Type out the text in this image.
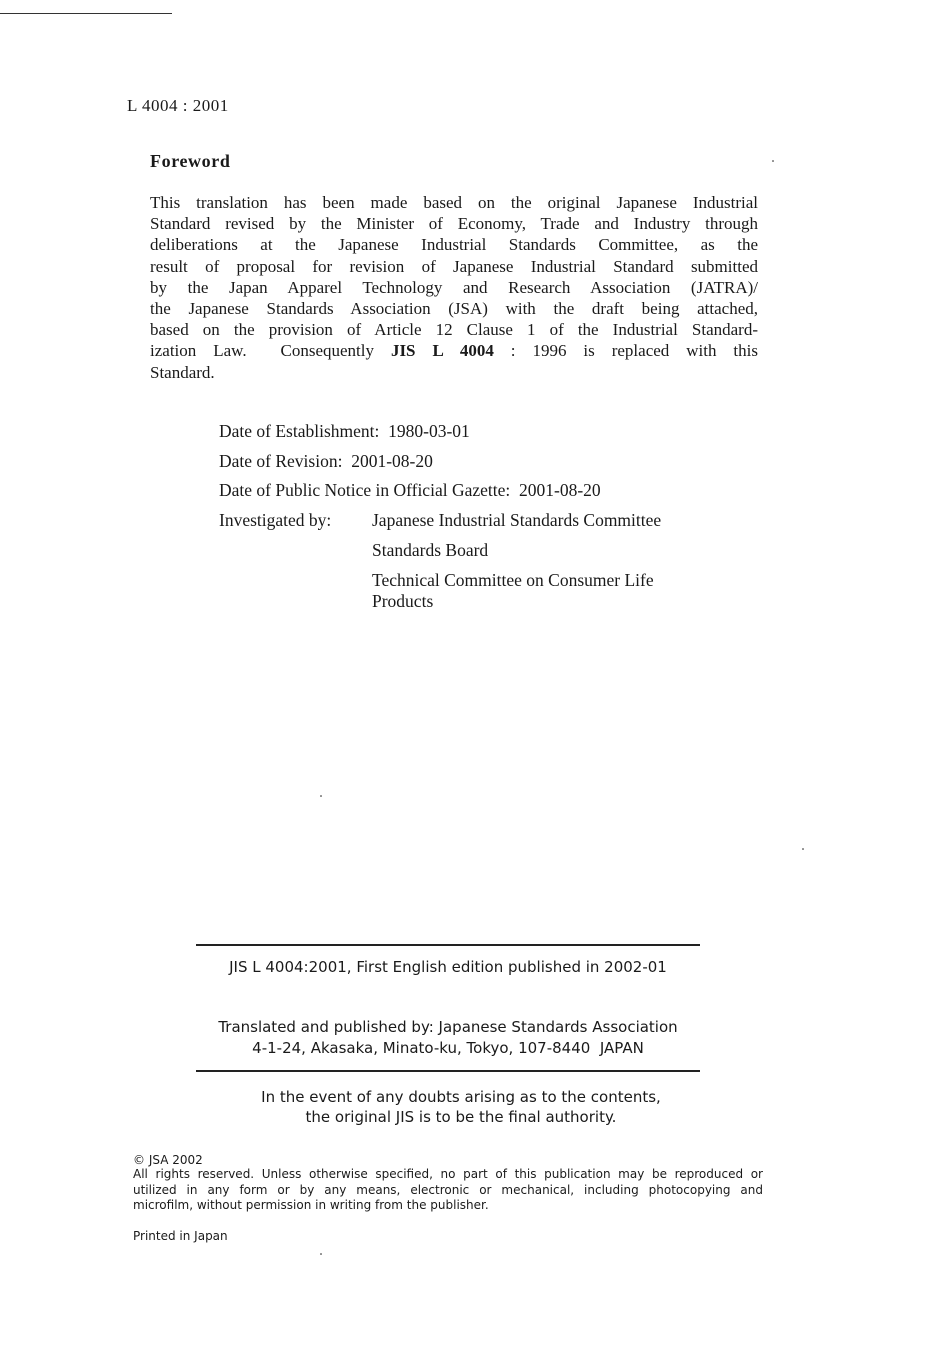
L 4004 : 2001
Foreword
This translation has been made based on the original Japanese Industrial
Standard revised by the Minister of Economy, Trade and Industry through
deliberations at the Japanese Industrial Standards Committee, as the
result of proposal for revision of Japanese Industrial Standard submitted
by the Japan Apparel Technology and Research Association (JATRA)/
the Japanese Standards Association (JSA) with the draft being attached,
based on the provision of Article 12 Clause 1 of the Industrial Standard-
ization Law.  Consequently JIS L 4004 : 1996 is replaced with this
Standard.
Date of Establishment:  1980-03-01
Date of Revision:  2001-08-20
Date of Public Notice in Official Gazette:  2001-08-20
Investigated by: Japanese Industrial Standards Committee
Standards Board
Technical Committee on Consumer Life
Products
JIS L 4004:2001, First English edition published in 2002-01
Translated and published by: Japanese Standards Association
4-1-24, Akasaka, Minato-ku, Tokyo, 107-8440  JAPAN
In the event of any doubts arising as to the contents,
the original JIS is to be the final authority.
© JSA 2002
All rights reserved. Unless otherwise specified, no part of this publication may be reproduced or
utilized in any form or by any means, electronic or mechanical, including photocopying and
microfilm, without permission in writing from the publisher.
Printed in Japan
